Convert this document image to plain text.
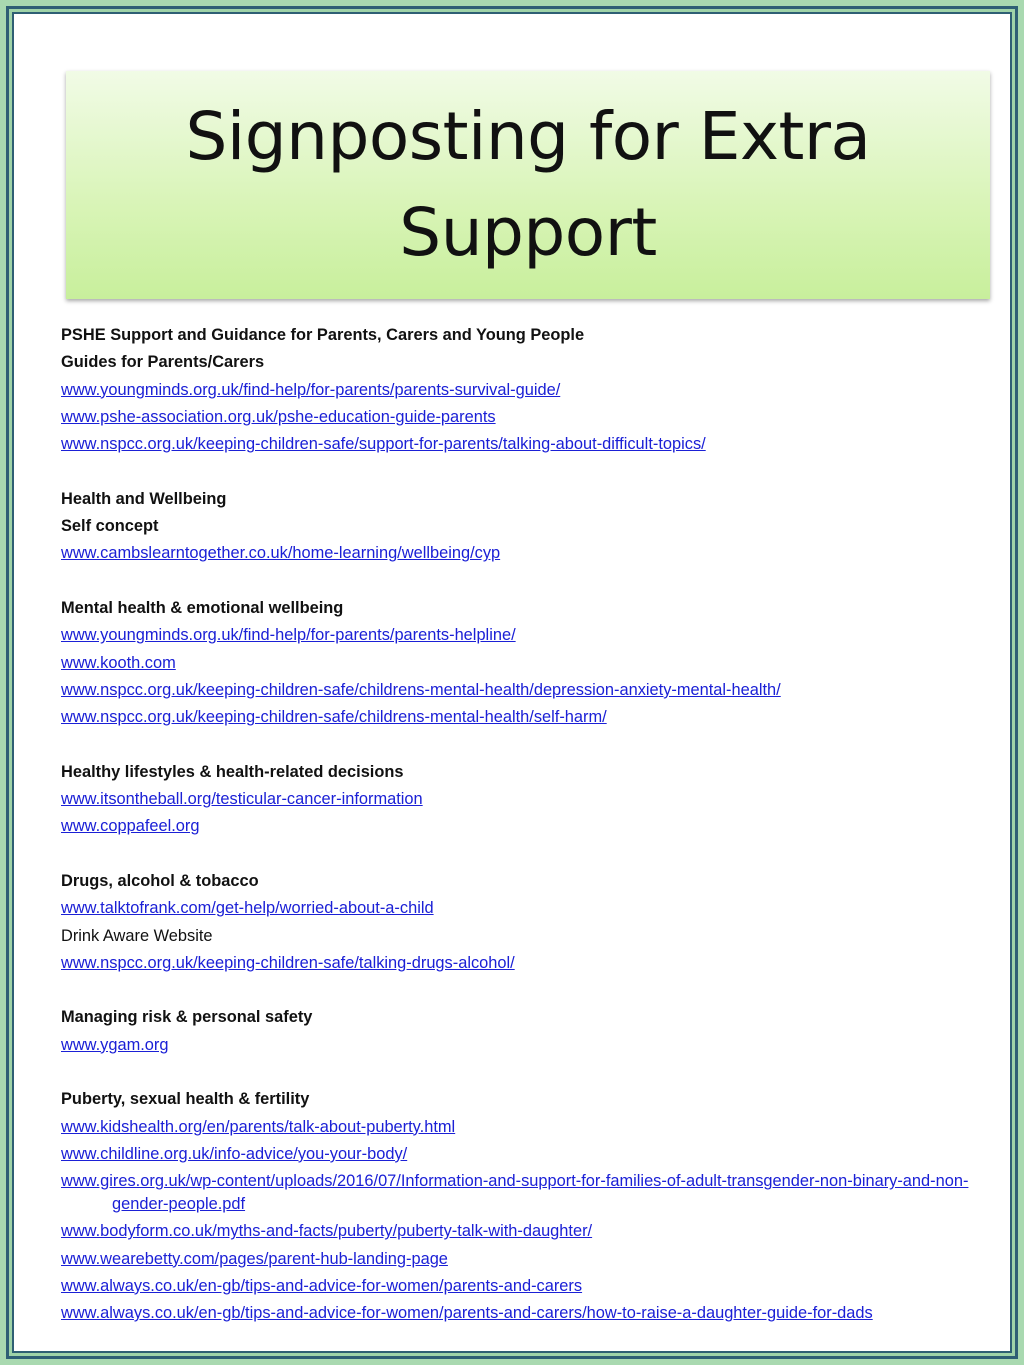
Signposting for Extra Support
PSHE Support and Guidance for Parents, Carers and Young People
Guides for Parents/Carers
www.youngminds.org.uk/find-help/for-parents/parents-survival-guide/
www.pshe-association.org.uk/pshe-education-guide-parents
www.nspcc.org.uk/keeping-children-safe/support-for-parents/talking-about-difficult-topics/
Health and Wellbeing
Self concept
www.cambslearntogether.co.uk/home-learning/wellbeing/cyp
Mental health & emotional wellbeing
www.youngminds.org.uk/find-help/for-parents/parents-helpline/
www.kooth.com
www.nspcc.org.uk/keeping-children-safe/childrens-mental-health/depression-anxiety-mental-health/
www.nspcc.org.uk/keeping-children-safe/childrens-mental-health/self-harm/
Healthy lifestyles & health-related decisions
www.itsontheball.org/testicular-cancer-information
www.coppafeel.org
Drugs, alcohol & tobacco
www.talktofrank.com/get-help/worried-about-a-child
Drink Aware Website
www.nspcc.org.uk/keeping-children-safe/talking-drugs-alcohol/
Managing risk & personal safety
www.ygam.org
Puberty, sexual health & fertility
www.kidshealth.org/en/parents/talk-about-puberty.html
www.childline.org.uk/info-advice/you-your-body/
www.gires.org.uk/wp-content/uploads/2016/07/Information-and-support-for-families-of-adult-transgender-non-binary-and-non-gender-people.pdf
www.bodyform.co.uk/myths-and-facts/puberty/puberty-talk-with-daughter/
www.wearebetty.com/pages/parent-hub-landing-page
www.always.co.uk/en-gb/tips-and-advice-for-women/parents-and-carers
www.always.co.uk/en-gb/tips-and-advice-for-women/parents-and-carers/how-to-raise-a-daughter-guide-for-dads
